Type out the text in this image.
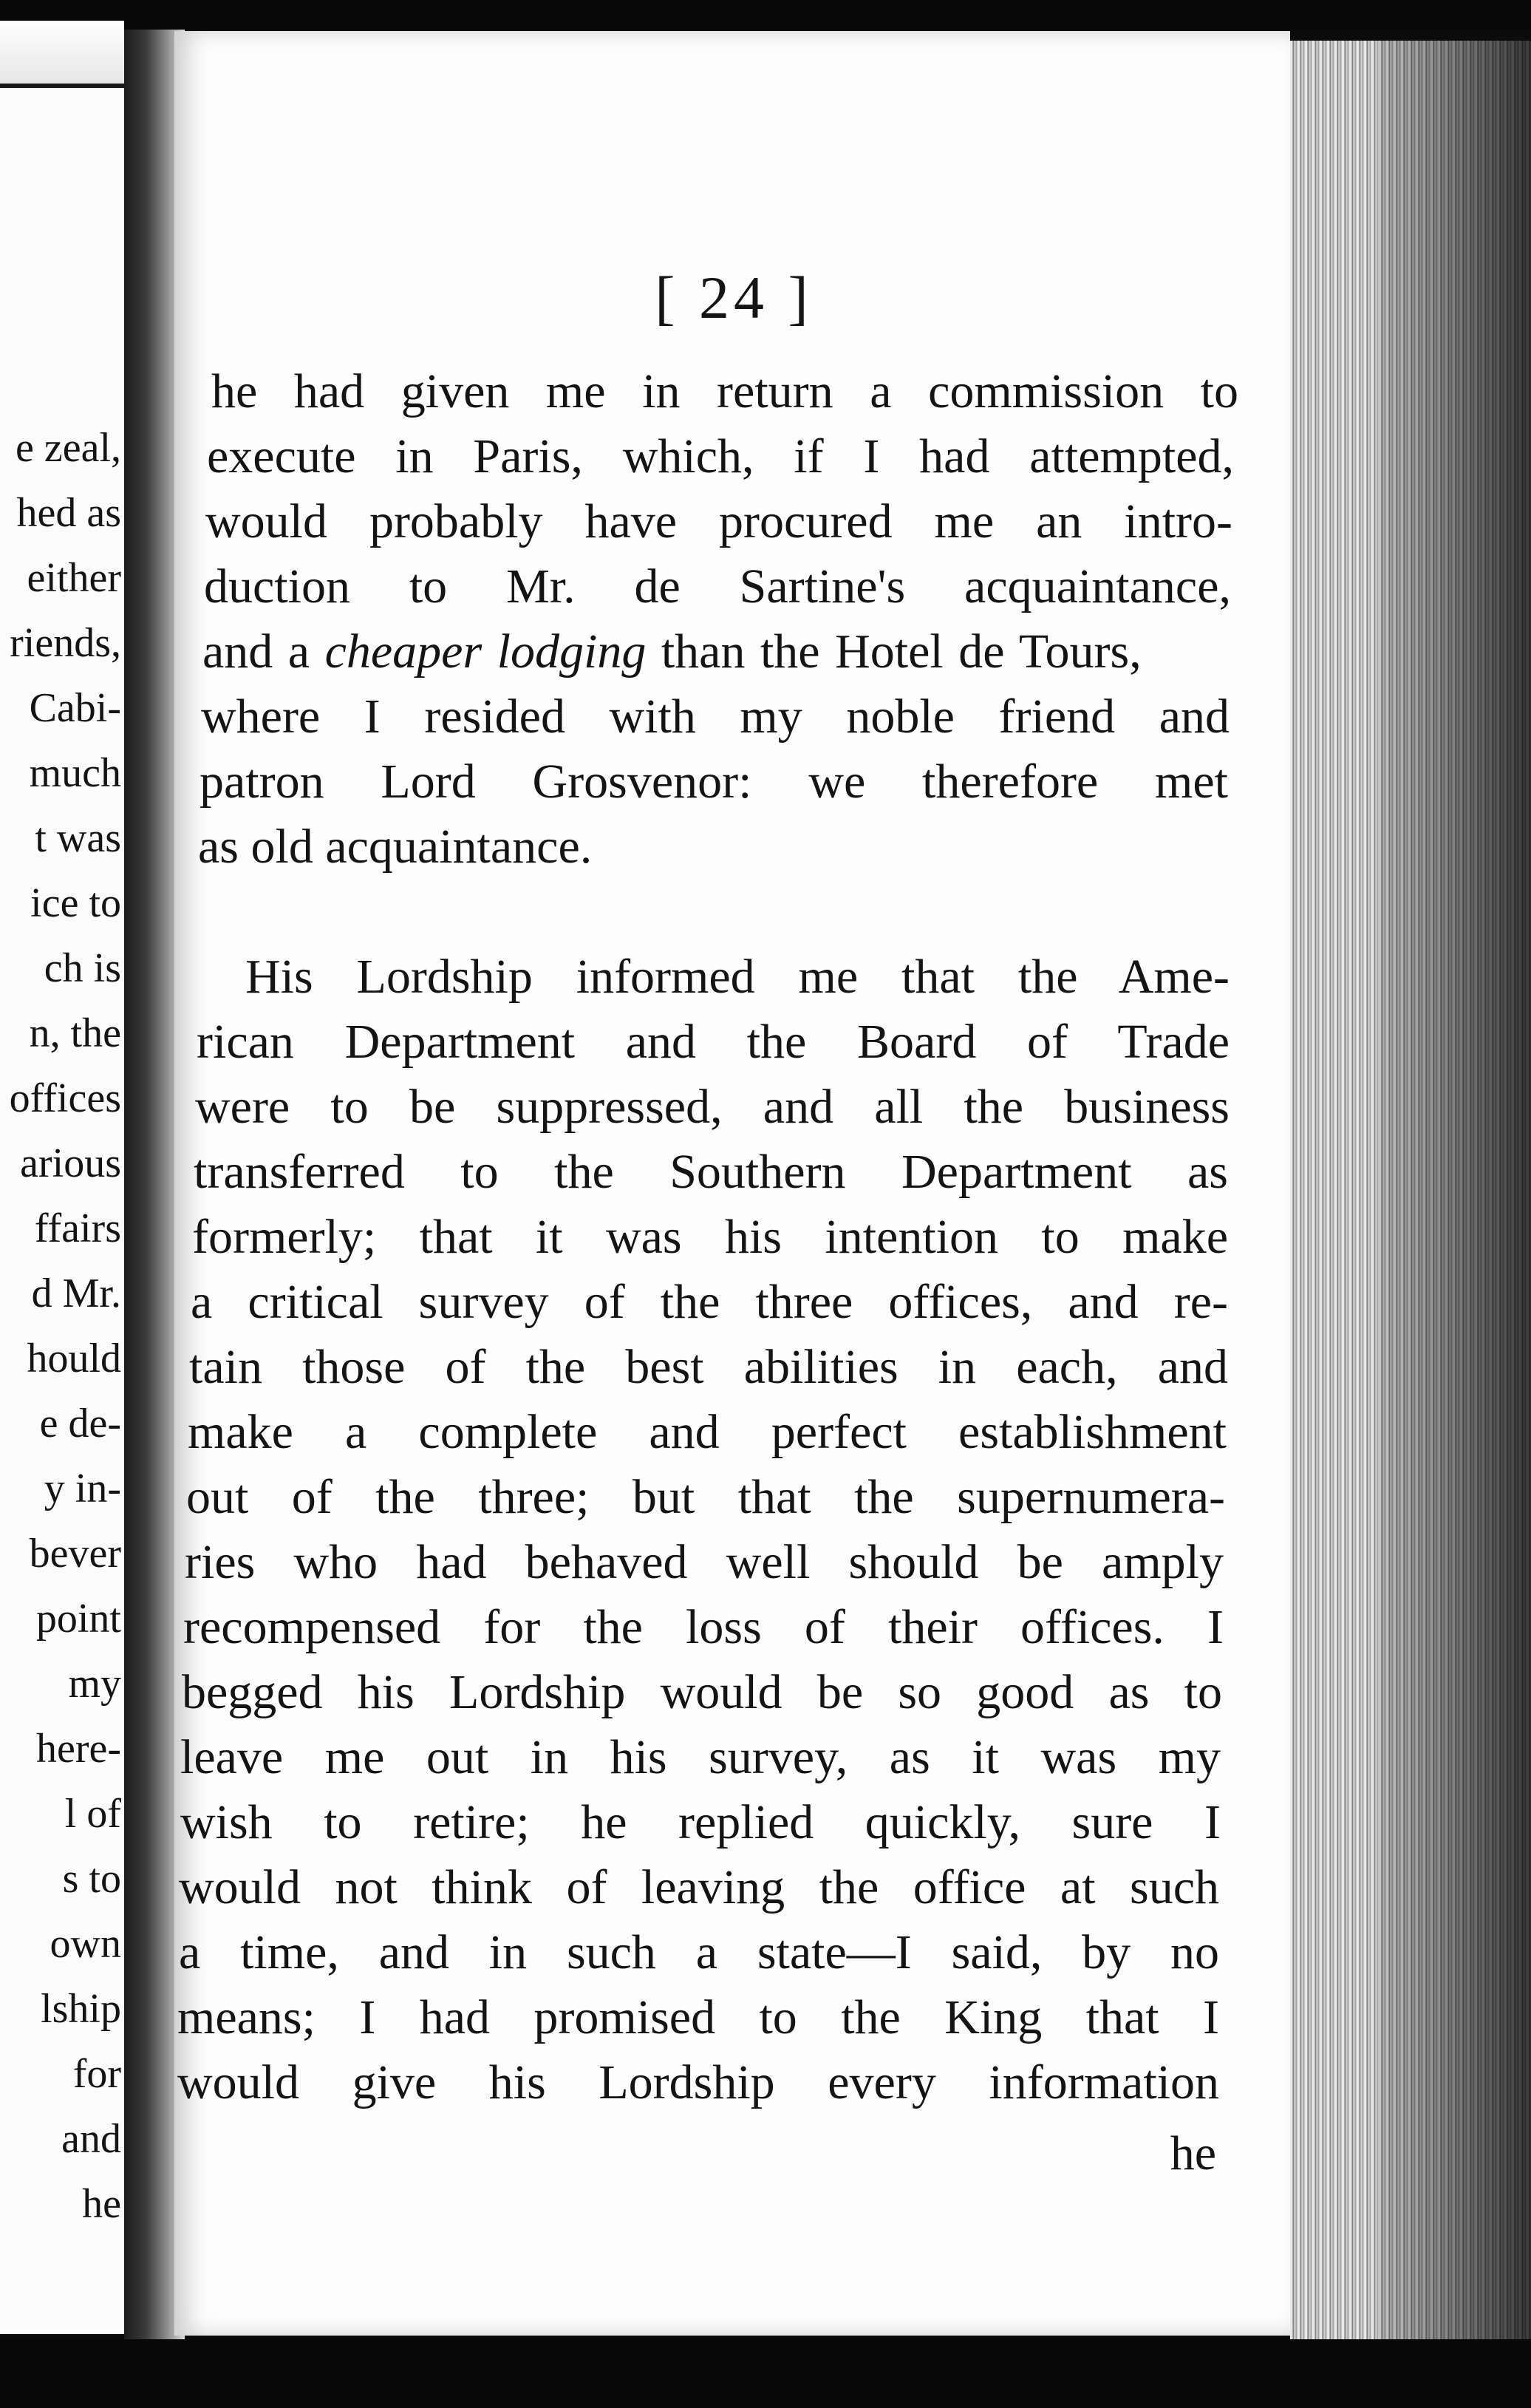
e zeal,
hed as
either
riends,
Cabi-
much
t was
ice to
ch is
n, the
offices
arious
ffairs
d Mr.
hould
e de-
y in-
bever
point
my
here-
l of
s to
own
lship
for
and
he
[ 24 ]
he had given me in return a commission to
execute in Paris, which, if I had attempted,
would probably have procured me an intro-
duction to Mr. de Sartine's acquaintance,
and a cheaper lodging than the Hotel de Tours,
where I resided with my noble friend and
patron Lord Grosvenor: we therefore met
as old acquaintance.
His Lordship informed me that the Ame-
rican Department and the Board of Trade
were to be suppressed, and all the business
transferred to the Southern Department as
formerly; that it was his intention to make
a critical survey of the three offices, and re-
tain those of the best abilities in each, and
make a complete and perfect establishment
out of the three; but that the supernumera-
ries who had behaved well should be amply
recompensed for the loss of their offices. I
begged his Lordship would be so good as to
leave me out in his survey, as it was my
wish to retire; he replied quickly, sure I
would not think of leaving the office at such
a time, and in such a state—I said, by no
means; I had promised to the King that I
would give his Lordship every information
he
